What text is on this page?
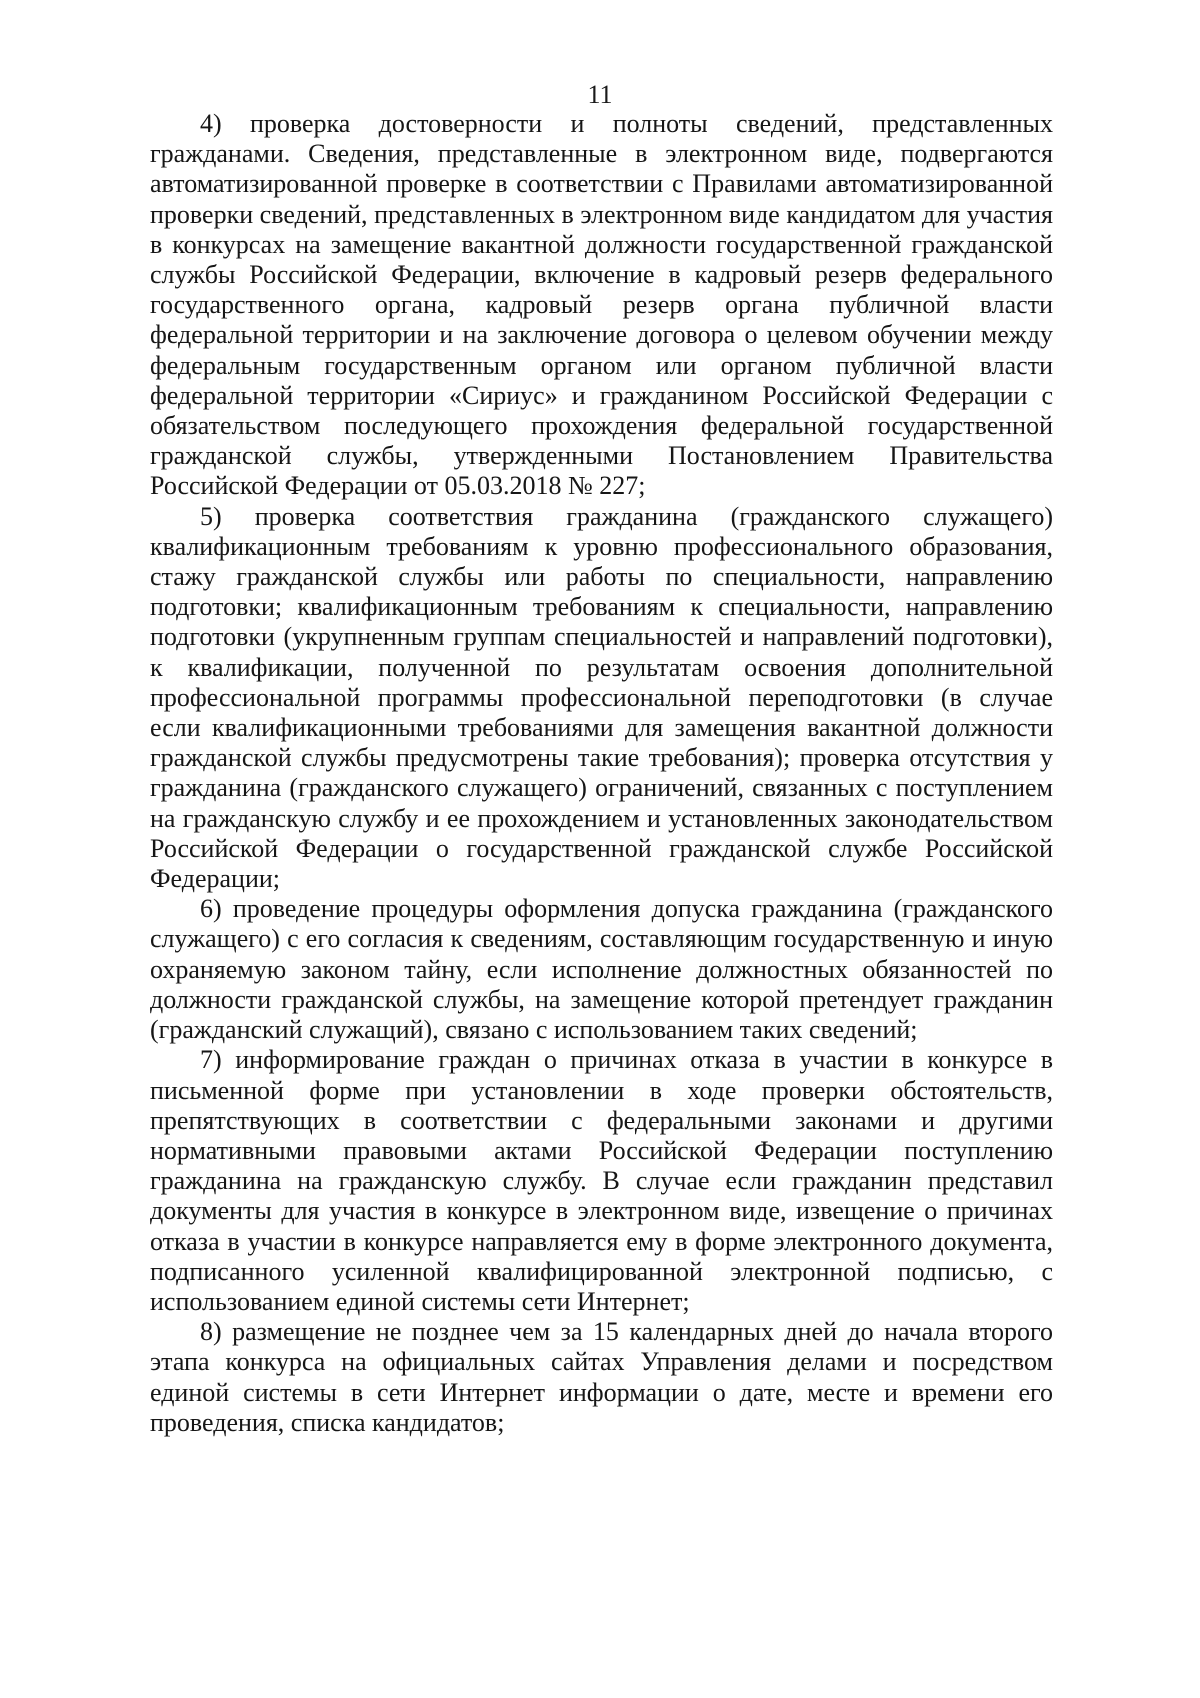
11

4) проверка достоверности и полноты сведений, представленных гражданами. Сведения, представленные в электронном виде, подвергаются автоматизированной проверке в соответствии с Правилами автоматизированной проверки сведений, представленных в электронном виде кандидатом для участия в конкурсах на замещение вакантной должности государственной гражданской службы Российской Федерации, включение в кадровый резерв федерального государственного органа, кадровый резерв органа публичной власти федеральной территории и на заключение договора о целевом обучении между федеральным государственным органом или органом публичной власти федеральной территории «Сириус» и гражданином Российской Федерации с обязательством последующего прохождения федеральной государственной гражданской службы, утвержденными Постановлением Правительства Российской Федерации от 05.03.2018 № 227;

5) проверка соответствия гражданина (гражданского служащего) квалификационным требованиям к уровню профессионального образования, стажу гражданской службы или работы по специальности, направлению подготовки; квалификационным требованиям к специальности, направлению подготовки (укрупненным группам специальностей и направлений подготовки), к квалификации, полученной по результатам освоения дополнительной профессиональной программы профессиональной переподготовки (в случае если квалификационными требованиями для замещения вакантной должности гражданской службы предусмотрены такие требования); проверка отсутствия у гражданина (гражданского служащего) ограничений, связанных с поступлением на гражданскую службу и ее прохождением и установленных законодательством Российской Федерации о государственной гражданской службе Российской Федерации;

6) проведение процедуры оформления допуска гражданина (гражданского служащего) с его согласия к сведениям, составляющим государственную и иную охраняемую законом тайну, если исполнение должностных обязанностей по должности гражданской службы, на замещение которой претендует гражданин (гражданский служащий), связано с использованием таких сведений;

7) информирование граждан о причинах отказа в участии в конкурсе в письменной форме при установлении в ходе проверки обстоятельств, препятствующих в соответствии с федеральными законами и другими нормативными правовыми актами Российской Федерации поступлению гражданина на гражданскую службу. В случае если гражданин представил документы для участия в конкурсе в электронном виде, извещение о причинах отказа в участии в конкурсе направляется ему в форме электронного документа, подписанного усиленной квалифицированной электронной подписью, с использованием единой системы сети Интернет;

8) размещение не позднее чем за 15 календарных дней до начала второго этапа конкурса на официальных сайтах Управления делами и посредством единой системы в сети Интернет информации о дате, месте и времени его проведения, списка кандидатов;
